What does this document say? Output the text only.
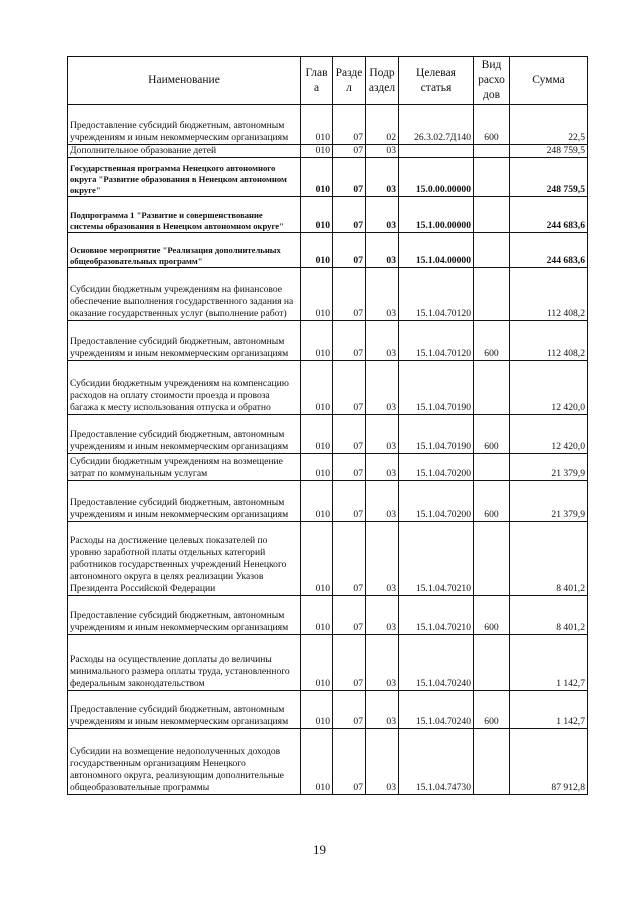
Наименование	Глав а	Разде л	Подр аздел	Целевая статья	Вид расхо дов	Сумма
Предоставление субсидий бюджетным, автономным учреждениям и иным некоммерческим организациям	010	07	02	26.3.02.7Д140	600	22,5
Дополнительное образование детей	010	07	03			248 759,5
Государственная программа Ненецкого автономного округа "Развитие образования в Ненецком автономном округе"	010	07	03	15.0.00.00000		248 759,5
Подпрограмма 1 "Развитие и совершенствование системы образования в Ненецком автономном округе"	010	07	03	15.1.00.00000		244 683,6
Основное мероприятие "Реализация дополнительных общеобразовательных программ"	010	07	03	15.1.04.00000		244 683,6
Субсидии бюджетным учреждениям на финансовое обеспечение выполнения государственного задания на оказание государственных услуг (выполнение работ)	010	07	03	15.1.04.70120		112 408,2
Предоставление субсидий бюджетным, автономным учреждениям и иным некоммерческим организациям	010	07	03	15.1.04.70120	600	112 408,2
Субсидии бюджетным учреждениям на компенсацию расходов на оплату стоимости проезда и провоза багажа к месту использования отпуска и обратно	010	07	03	15.1.04.70190		12 420,0
Предоставление субсидий бюджетным, автономным учреждениям и иным некоммерческим организациям	010	07	03	15.1.04.70190	600	12 420,0
Субсидии бюджетным учреждениям на возмещение затрат по коммунальным услугам	010	07	03	15.1.04.70200		21 379,9
Предоставление субсидий бюджетным, автономным учреждениям и иным некоммерческим организациям	010	07	03	15.1.04.70200	600	21 379,9
Расходы на достижение целевых показателей по уровню заработной платы отдельных категорий работников государственных учреждений Ненецкого автономного округа в целях реализации Указов Президента Российской Федерации	010	07	03	15.1.04.70210		8 401,2
Предоставление субсидий бюджетным, автономным учреждениям и иным некоммерческим организациям	010	07	03	15.1.04.70210	600	8 401,2
Расходы на осуществление доплаты до величины минимального размера оплаты труда, установленного федеральным законодательством	010	07	03	15.1.04.70240		1 142,7
Предоставление субсидий бюджетным, автономным учреждениям и иным некоммерческим организациям	010	07	03	15.1.04.70240	600	1 142,7
Субсидии на возмещение недополученных доходов государственным организациям Ненецкого автономного округа, реализующим дополнительные общеобразовательные программы	010	07	03	15.1.04.74730		87 912,8
19
